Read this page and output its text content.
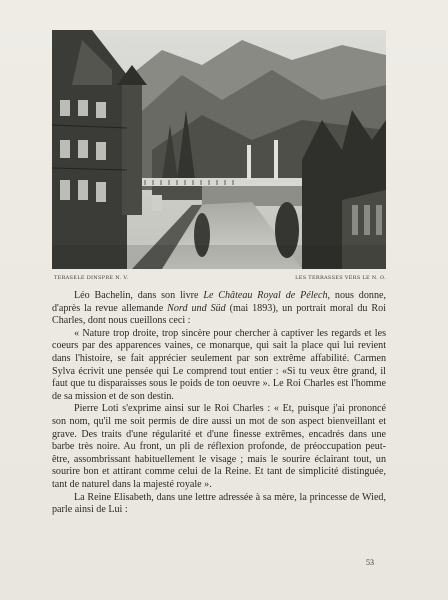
TERASELE DINSPRE N. V.	LES TERRASSES VERS LE N. O.

Léo Bachelin, dans son livre Le Château Royal de Pélech, nous donne, d'après la revue allemande Nord und Süd (mai 1893), un portrait moral du Roi Charles, dont nous cueillons ceci :

« Nature trop droite, trop sincère pour chercher à captiver les regards et les coeurs par des apparences vaines, ce monarque, qui sait la place qui lui revient dans l'histoire, se fait apprécier seulement par son extrême affabilité. Carmen Sylva écrivit une pensée qui Le comprend tout entier : «Si tu veux être grand, il faut que tu disparaisses sous le poids de ton oeuvre ». Le Roi Charles est l'homme de sa mission et de son destin.

Pierre Loti s'exprime ainsi sur le Roi Charles : « Et, puisque j'ai prononcé son nom, qu'il me soit permis de dire aussi un mot de son aspect bienveillant et grave. Des traits d'une régularité et d'une finesse extrêmes, encadrés dans une barbe très noire. Au front, un pli de réflexion profonde, de préoccupation peut-être, assombrissant habituellement le visage ; mais le sourire éclairant tout, un sourire bon et attirant comme celui de la Reine. Et tant de simplicité distinguée, tant de naturel dans la majesté royale ».

La Reine Elisabeth, dans une lettre adressée à sa mère, la princesse de Wied, parle ainsi de Lui :

53
